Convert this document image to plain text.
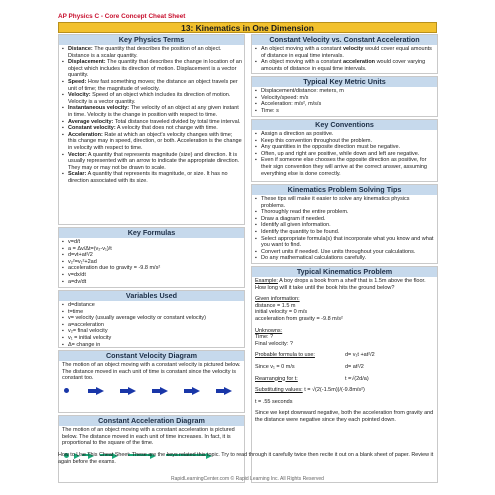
AP Physics C - Core Concept Cheat Sheet
13: Kinematics in One Dimension
Key Physics Terms
▪ Distance: The quantity that describes the position of an object. Distance is a scalar quantity.
▪ Displacement: The quantity that describes the change in location of an object which includes its direction of motion. Displacement is a vector quantity.
▪ Speed: How fast something moves; the distance an object travels per unit of time; the magnitude of velocity.
▪ Velocity: Speed of an object which includes its direction of motion. Velocity is a vector quantity.
▪ Instantaneous velocity: The velocity of an object at any given instant in time. Velocity is the change in position with respect to time.
▪ Average velocity: Total distance traveled divided by total time interval.
▪ Constant velocity: A velocity that does not change with time.
▪ Acceleration: Rate at which an object's velocity changes with time; this change may in speed, direction, or both. Acceleration is the change in velocity with respect to time.
▪ Vector: A quantity that represents magnitude (size) and direction. It is usually represented with an arrow to indicate the appropriate direction. They may or may not be drawn to scale.
▪ Scalar: A quantity that represents its magnitude, or size. It has no direction associated with its size.
Key Formulas
▪ v=d/t
▪ a = Δv/Δt=(v₂-v₁)/t
▪ d=vt+at²/2
▪ v₂²=v₁²+2ad
▪ acceleration due to gravity = -9.8 m/s²
▪ v=dx/dt
▪ a=dv/dt
Variables Used
▪ d=distance
▪ t=time
▪ v= velocity (usually average velocity or constant velocity)
▪ a=acceleration
▪ v₂= final velocity
▪ v₁ = initial velocity
▪ Δ= change in
Constant Velocity Diagram
The motion of an object moving with a constant velocity is pictured below. The distance moved in each unit of time is constant since the velocity is constant too.
Constant Acceleration Diagram
The motion of an object moving with a constant acceleration is pictured below. The distance moved in each unit of time increases. In fact, it is proportional to the square of the time.
Constant Velocity vs. Constant Acceleration
▪ An object moving with a constant velocity would cover equal amounts of distance in equal time intervals.
▪ An object moving with a constant acceleration would cover varying amounts of distance in equal time intervals.
Typical Key Metric Units
▪ Displacement/distance: meters, m
▪ Velocity/speed: m/s
▪ Acceleration: m/s², m/s/s
▪ Time: s
Key Conventions
▪ Assign a direction as positive.
▪ Keep this convention throughout the problem.
▪ Any quantities in the opposite direction must be negative.
▪ Often, up and right are positive, while down and left are negative.
▪ Even if someone else chooses the opposite direction as positive, for their sign convention they will arrive at the correct answer, assuming everything else is done correctly.
Kinematics Problem Solving Tips
▪ These tips will make it easier to solve any kinematics physics problems.
▪ Thoroughly read the entire problem.
▪ Draw a diagram if needed.
▪ Identify all given information.
▪ Identify the quantity to be found.
▪ Select appropriate formula(s) that incorporate what you know and what you want to find.
▪ Convert units if needed. Use units throughout your calculations.
▪ Do any mathematical calculations carefully.
Typical Kinematics Problem
Example: A boy drops a book from a shelf that is 1.5m above the floor. How long will it take until the book hits the ground below?
Given information:
distance = 1.5 m
initial velocity = 0 m/s
acceleration from gravity = -9.8 m/s²
Unknowns:
Time: ?
Final velocity: ?
Probable formula to use:	d= v₁t +at²/2
Since v₁ = 0 m/s	d= at²/2
Rearranging for t:	t =√(2d/a)
Substituting values: t = √(2(-1.5m))/(-9.8m/s²)
t = .55 seconds
Since we kept downward negative, both the acceleration from gravity and the distance were negative since they each pointed down.
How to Use This Cheat Sheet: These are the keys related this topic. Try to read through it carefully twice then recite it out on a blank sheet of paper. Review it again before the exams.
RapidLearningCenter.com © Rapid Learning Inc. All Rights Reserved
